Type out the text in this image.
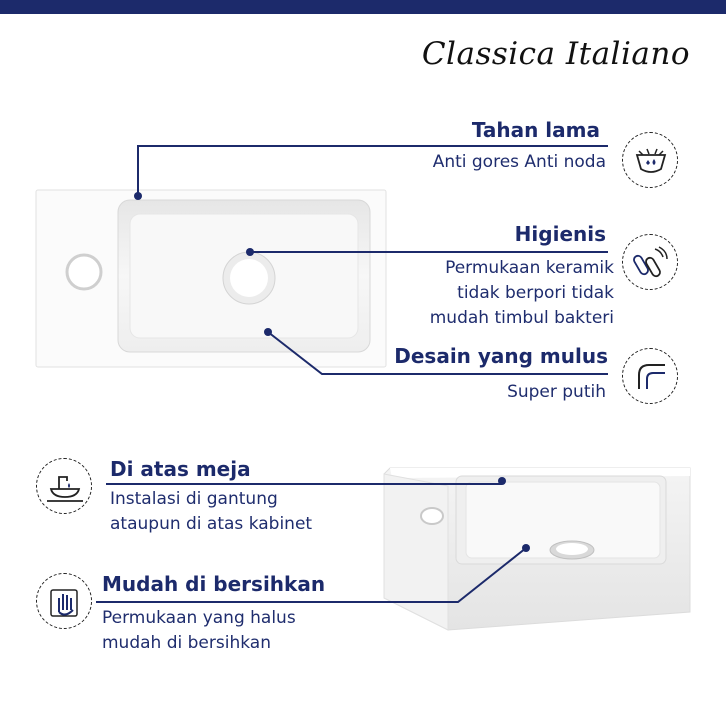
Classica Italiano
Tahan lama
Anti gores Anti noda
Higienis
Permukaan keramik
tidak berpori tidak
mudah timbul bakteri
Desain yang mulus
Super putih
Di atas meja
Instalasi di gantung
ataupun di atas kabinet
Mudah di bersihkan
Permukaan yang halus
mudah di bersihkan
